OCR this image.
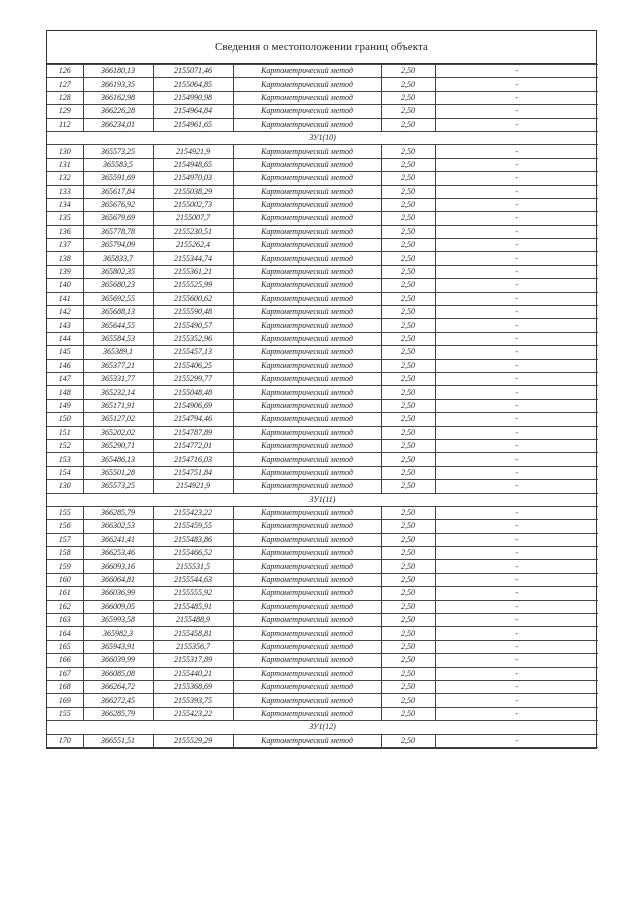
Сведения о местоположении границ объекта
126	366180,13	2155071,46	Картометрический метод	2,50	-
127	366193,35	2155064,85	Картометрический метод	2,50	-
128	366162,98	2154990,98	Картометрический метод	2,50	-
129	366226,28	2154964,84	Картометрический метод	2,50	-
112	366234,01	2154961,65	Картометрический метод	2,50	-
ЗУ1(10)					
130	365573,25	2154921,9	Картометрический метод	2,50	-
131	365583,5	2154948,65	Картометрический метод	2,50	-
132	365591,69	2154970,03	Картометрический метод	2,50	-
133	365617,84	2155038,29	Картометрический метод	2,50	-
134	365676,92	2155002,73	Картометрический метод	2,50	-
135	365679,69	2155007,7	Картометрический метод	2,50	-
136	365778,78	2155230,51	Картометрический метод	2,50	-
137	365794,09	2155262,4	Картометрический метод	2,50	-
138	365833,7	2155344,74	Картометрический метод	2,50	-
139	365802,35	2155361,21	Картометрический метод	2,50	-
140	365680,23	2155525,99	Картометрический метод	2,50	-
141	365692,55	2155600,62	Картометрический метод	2,50	-
142	365688,13	2155590,48	Картометрический метод	2,50	-
143	365644,55	2155490,57	Картометрический метод	2,50	-
144	365584,53	2155352,96	Картометрический метод	2,50	-
145	365389,1	2155457,13	Картометрический метод	2,50	-
146	365377,21	2155406,25	Картометрический метод	2,50	-
147	365331,77	2155299,77	Картометрический метод	2,50	-
148	365232,14	2155048,48	Картометрический метод	2,50	-
149	365171,91	2154906,69	Картометрический метод	2,50	-
150	365127,02	2154794,46	Картометрический метод	2,50	-
151	365202,02	2154787,89	Картометрический метод	2,50	-
152	365290,71	2154772,01	Картометрический метод	2,50	-
153	365486,13	2154716,03	Картометрический метод	2,50	-
154	365501,28	2154751,84	Картометрический метод	2,50	-
130	365573,25	2154921,9	Картометрический метод	2,50	-
ЗУ1(11)					
155	366285,79	2155423,22	Картометрический метод	2,50	-
156	366302,53	2155459,55	Картометрический метод	2,50	-
157	366241,41	2155483,86	Картометрический метод	2,50	-
158	366253,46	2155466,52	Картометрический метод	2,50	-
159	366093,16	2155531,5	Картометрический метод	2,50	-
160	366064,81	2155544,63	Картометрический метод	2,50	-
161	366036,99	2155555,92	Картометрический метод	2,50	-
162	366009,05	2155485,91	Картометрический метод	2,50	-
163	365993,58	2155488,9	Картометрический метод	2,50	-
164	365982,3	2155458,81	Картометрический метод	2,50	-
165	365943,91	2155356,7	Картометрический метод	2,50	-
166	366039,99	2155317,89	Картометрический метод	2,50	-
167	366085,08	2155440,21	Картометрический метод	2,50	-
168	366264,72	2155368,69	Картометрический метод	2,50	-
169	366272,45	2155393,75	Картометрический метод	2,50	-
155	366285,79	2155423,22	Картометрический метод	2,50	-
ЗУ1(12)					
170	366551,51	2155529,29	Картометрический метод	2,50	-
